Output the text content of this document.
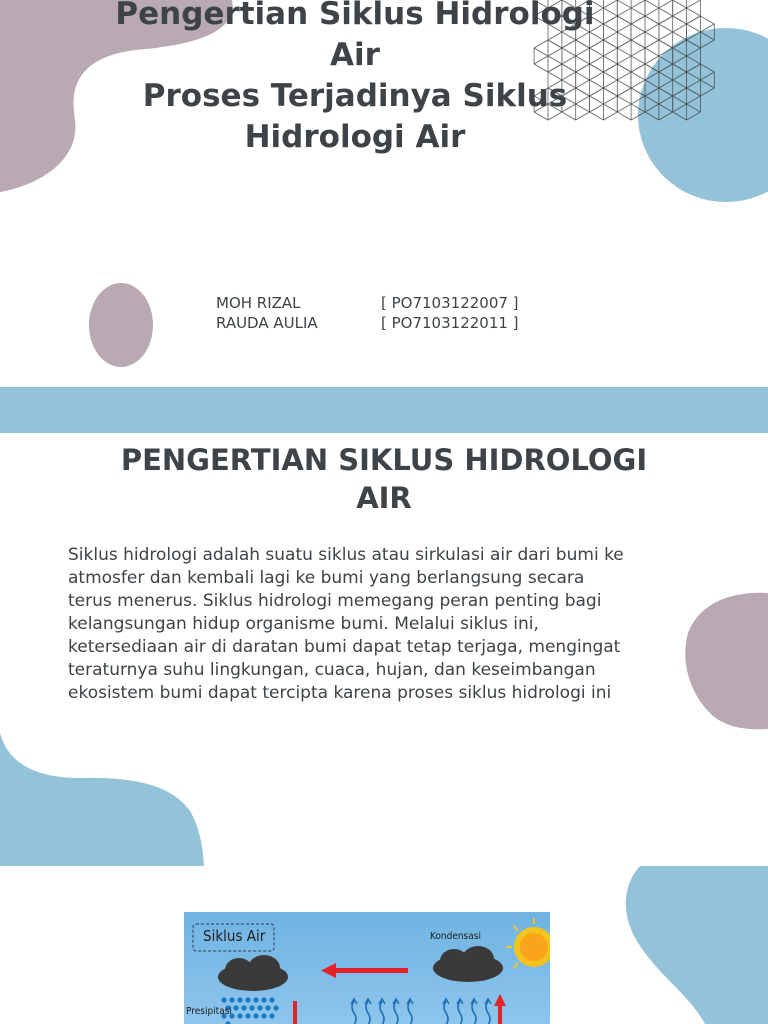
Pengertian Siklus Hidrologi
Air
Proses Terjadinya Siklus
Hidrologi Air
MOH RIZAL	[ PO7103122007 ]
RAUDA AULIA	[ PO7103122011 ]
PENGERTIAN SIKLUS HIDROLOGI
AIR

Siklus hidrologi adalah suatu siklus atau sirkulasi air dari bumi ke
atmosfer dan kembali lagi ke bumi yang berlangsung secara
terus menerus. Siklus hidrologi memegang peran penting bagi
kelangsungan hidup organisme bumi. Melalui siklus ini,
ketersediaan air di daratan bumi dapat tetap terjaga, mengingat
teraturnya suhu lingkungan, cuaca, hujan, dan keseimbangan
ekosistem bumi dapat tercipta karena proses siklus hidrologi ini

Siklus Air	Kondensasi
Presipitasi
